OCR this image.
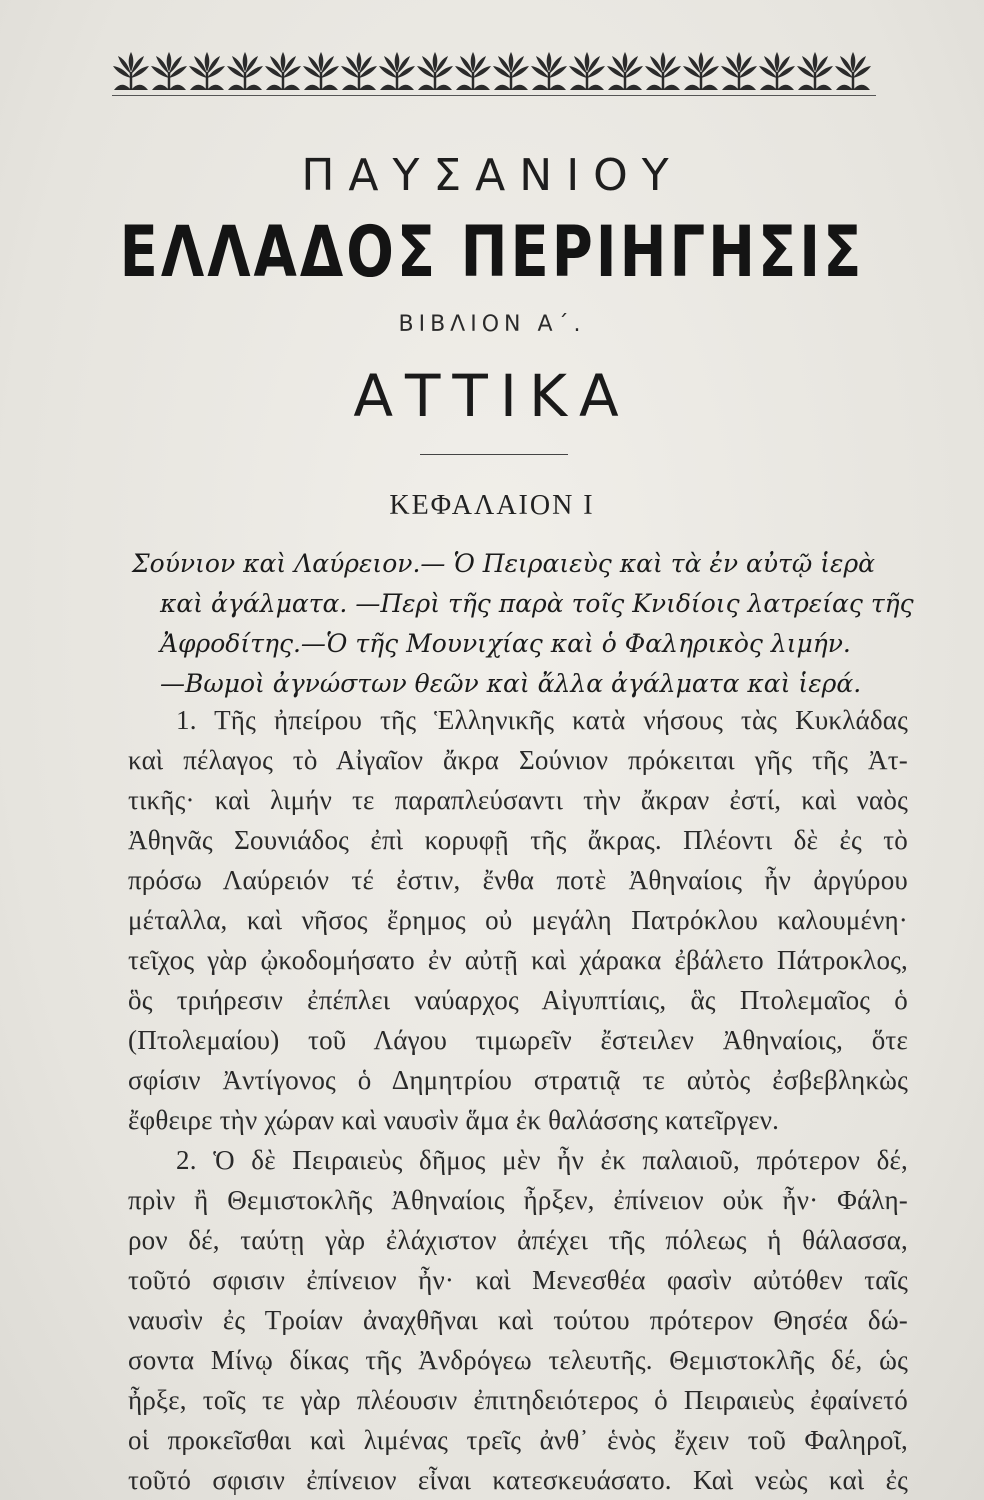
ΠΑΥΣΑΝΙΟΥ
ΕΛΛΑΔΟΣ ΠΕΡΙΗΓΗΣΙΣ
ΒΙΒΛΙΟΝ Α΄.
ΑΤΤΙΚΑ
ΚΕΦΑΛΑΙΟΝ Ι
Σούνιον καὶ Λαύρειον.— Ὁ Πειραιεὺς καὶ τὰ ἐν αὐτῷ ἱερὰ
καὶ ἀγάλματα. —Περὶ τῆς παρὰ τοῖς Κνιδίοις λατρείας τῆς
Ἀφροδίτης.—Ὁ τῆς Μουνιχίας καὶ ὁ Φαληρικὸς λιμήν.
—Βωμοὶ ἀγνώστων θεῶν καὶ ἄλλα ἀγάλματα καὶ ἱερά.
1. Τῆς ἠπείρου τῆς Ἑλληνικῆς κατὰ νήσους τὰς Κυκλάδας
καὶ πέλαγος τὸ Αἰγαῖον ἄκρα Σούνιον πρόκειται γῆς τῆς Ἀτ-
τικῆς· καὶ λιμήν τε παραπλεύσαντι τὴν ἄκραν ἐστί, καὶ ναὸς
Ἀθηνᾶς Σουνιάδος ἐπὶ κορυφῇ τῆς ἄκρας. Πλέοντι δὲ ἐς τὸ
πρόσω Λαύρειόν τέ ἐστιν, ἔνθα ποτὲ Ἀθηναίοις ἦν ἀργύρου
μέταλλα, καὶ νῆσος ἔρημος οὐ μεγάλη Πατρόκλου καλουμένη·
τεῖχος γὰρ ᾠκοδομήσατο ἐν αὐτῇ καὶ χάρακα ἐβάλετο Πάτροκλος,
ὃς τριήρεσιν ἐπέπλει ναύαρχος Αἰγυπτίαις, ἃς Πτολεμαῖος ὁ
(Πτολεμαίου) τοῦ Λάγου τιμωρεῖν ἔστειλεν Ἀθηναίοις, ὅτε
σφίσιν Ἀντίγονος ὁ Δημητρίου στρατιᾷ τε αὐτὸς ἐσβεβληκὼς
ἔφθειρε τὴν χώραν καὶ ναυσὶν ἅμα ἐκ θαλάσσης κατεῖργεν.
2. Ὁ δὲ Πειραιεὺς δῆμος μὲν ἦν ἐκ παλαιοῦ, πρότερον δέ,
πρὶν ἢ Θεμιστοκλῆς Ἀθηναίοις ἦρξεν, ἐπίνειον οὐκ ἦν· Φάλη-
ρον δέ, ταύτῃ γὰρ ἐλάχιστον ἀπέχει τῆς πόλεως ἡ θάλασσα,
τοῦτό σφισιν ἐπίνειον ἦν· καὶ Μενεσθέα φασὶν αὐτόθεν ταῖς
ναυσὶν ἐς Τροίαν ἀναχθῆναι καὶ τούτου πρότερον Θησέα δώ-
σοντα Μίνῳ δίκας τῆς Ἀνδρόγεω τελευτῆς. Θεμιστοκλῆς δέ, ὡς
ἦρξε, τοῖς τε γὰρ πλέουσιν ἐπιτηδειότερος ὁ Πειραιεὺς ἐφαίνετό
οἱ προκεῖσθαι καὶ λιμένας τρεῖς ἀνθ᾿ ἑνὸς ἔχειν τοῦ Φαληροῖ,
τοῦτό σφισιν ἐπίνειον εἶναι κατεσκευάσατο. Καὶ νεὼς καὶ ἐς
